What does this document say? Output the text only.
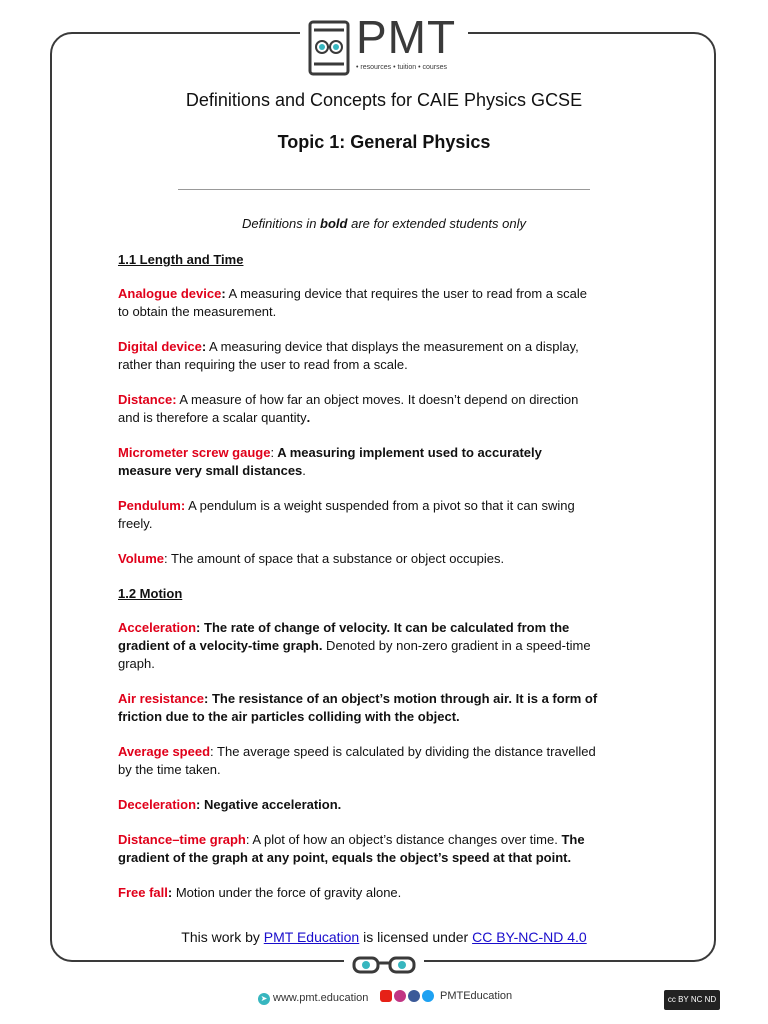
PMT
• resources • tuition • courses
Definitions and Concepts for CAIE Physics GCSE
Topic 1: General Physics
Definitions in bold are for extended students only
1.1 Length and Time
Analogue device: A measuring device that requires the user to read from a scale to obtain the measurement.
Digital device: A measuring device that displays the measurement on a display, rather than requiring the user to read from a scale.
Distance: A measure of how far an object moves. It doesn’t depend on direction and is therefore a scalar quantity.
Micrometer screw gauge: A measuring implement used to accurately measure very small distances.
Pendulum: A pendulum is a weight suspended from a pivot so that it can swing freely.
Volume: The amount of space that a substance or object occupies.
1.2 Motion
Acceleration: The rate of change of velocity. It can be calculated from the gradient of a velocity-time graph. Denoted by non-zero gradient in a speed-time graph.
Air resistance: The resistance of an object’s motion through air. It is a form of friction due to the air particles colliding with the object.
Average speed: The average speed is calculated by dividing the distance travelled by the time taken.
Deceleration: Negative acceleration.
Distance–time graph: A plot of how an object’s distance changes over time. The gradient of the graph at any point, equals the object’s speed at that point.
Free fall: Motion under the force of gravity alone.
This work by PMT Education is licensed under CC BY-NC-ND 4.0
➤ www.pmt.education	PMTEducation	cc BY NC ND
